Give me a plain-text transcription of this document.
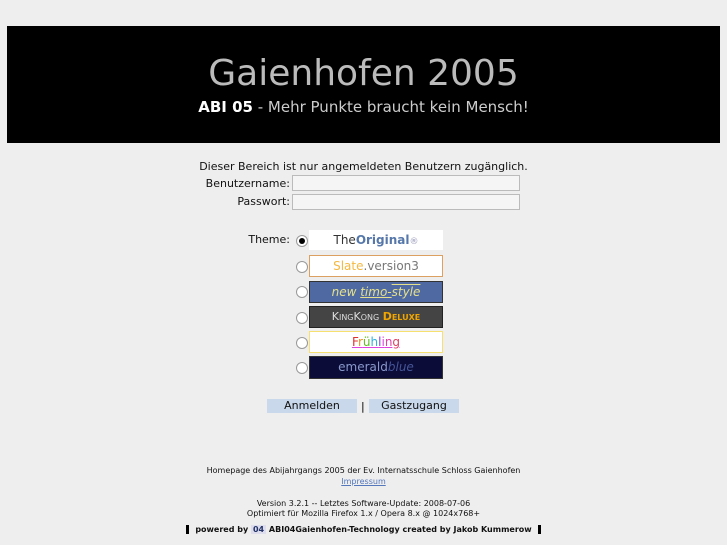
Gaienhofen 2005
ABI 05 - Mehr Punkte braucht kein Mensch!
Dieser Bereich ist nur angemeldeten Benutzern zugänglich.
Benutzername:
Passwort:
Theme:	TheOriginal®
Slate.version3
new timo-style
KingKong Deluxe
Frühling
emeraldblue
Anmelden	|	Gastzugang
Homepage des Abijahrgangs 2005 der Ev. Internatsschule Schloss Gaienhofen
Impressum
Version 3.2.1 -- Letztes Software-Update: 2008-07-06
Optimiert für Mozilla Firefox 1.x / Opera 8.x @ 1024x768+
powered by 04 ABI04Gaienhofen-Technology created by Jakob Kummerow
